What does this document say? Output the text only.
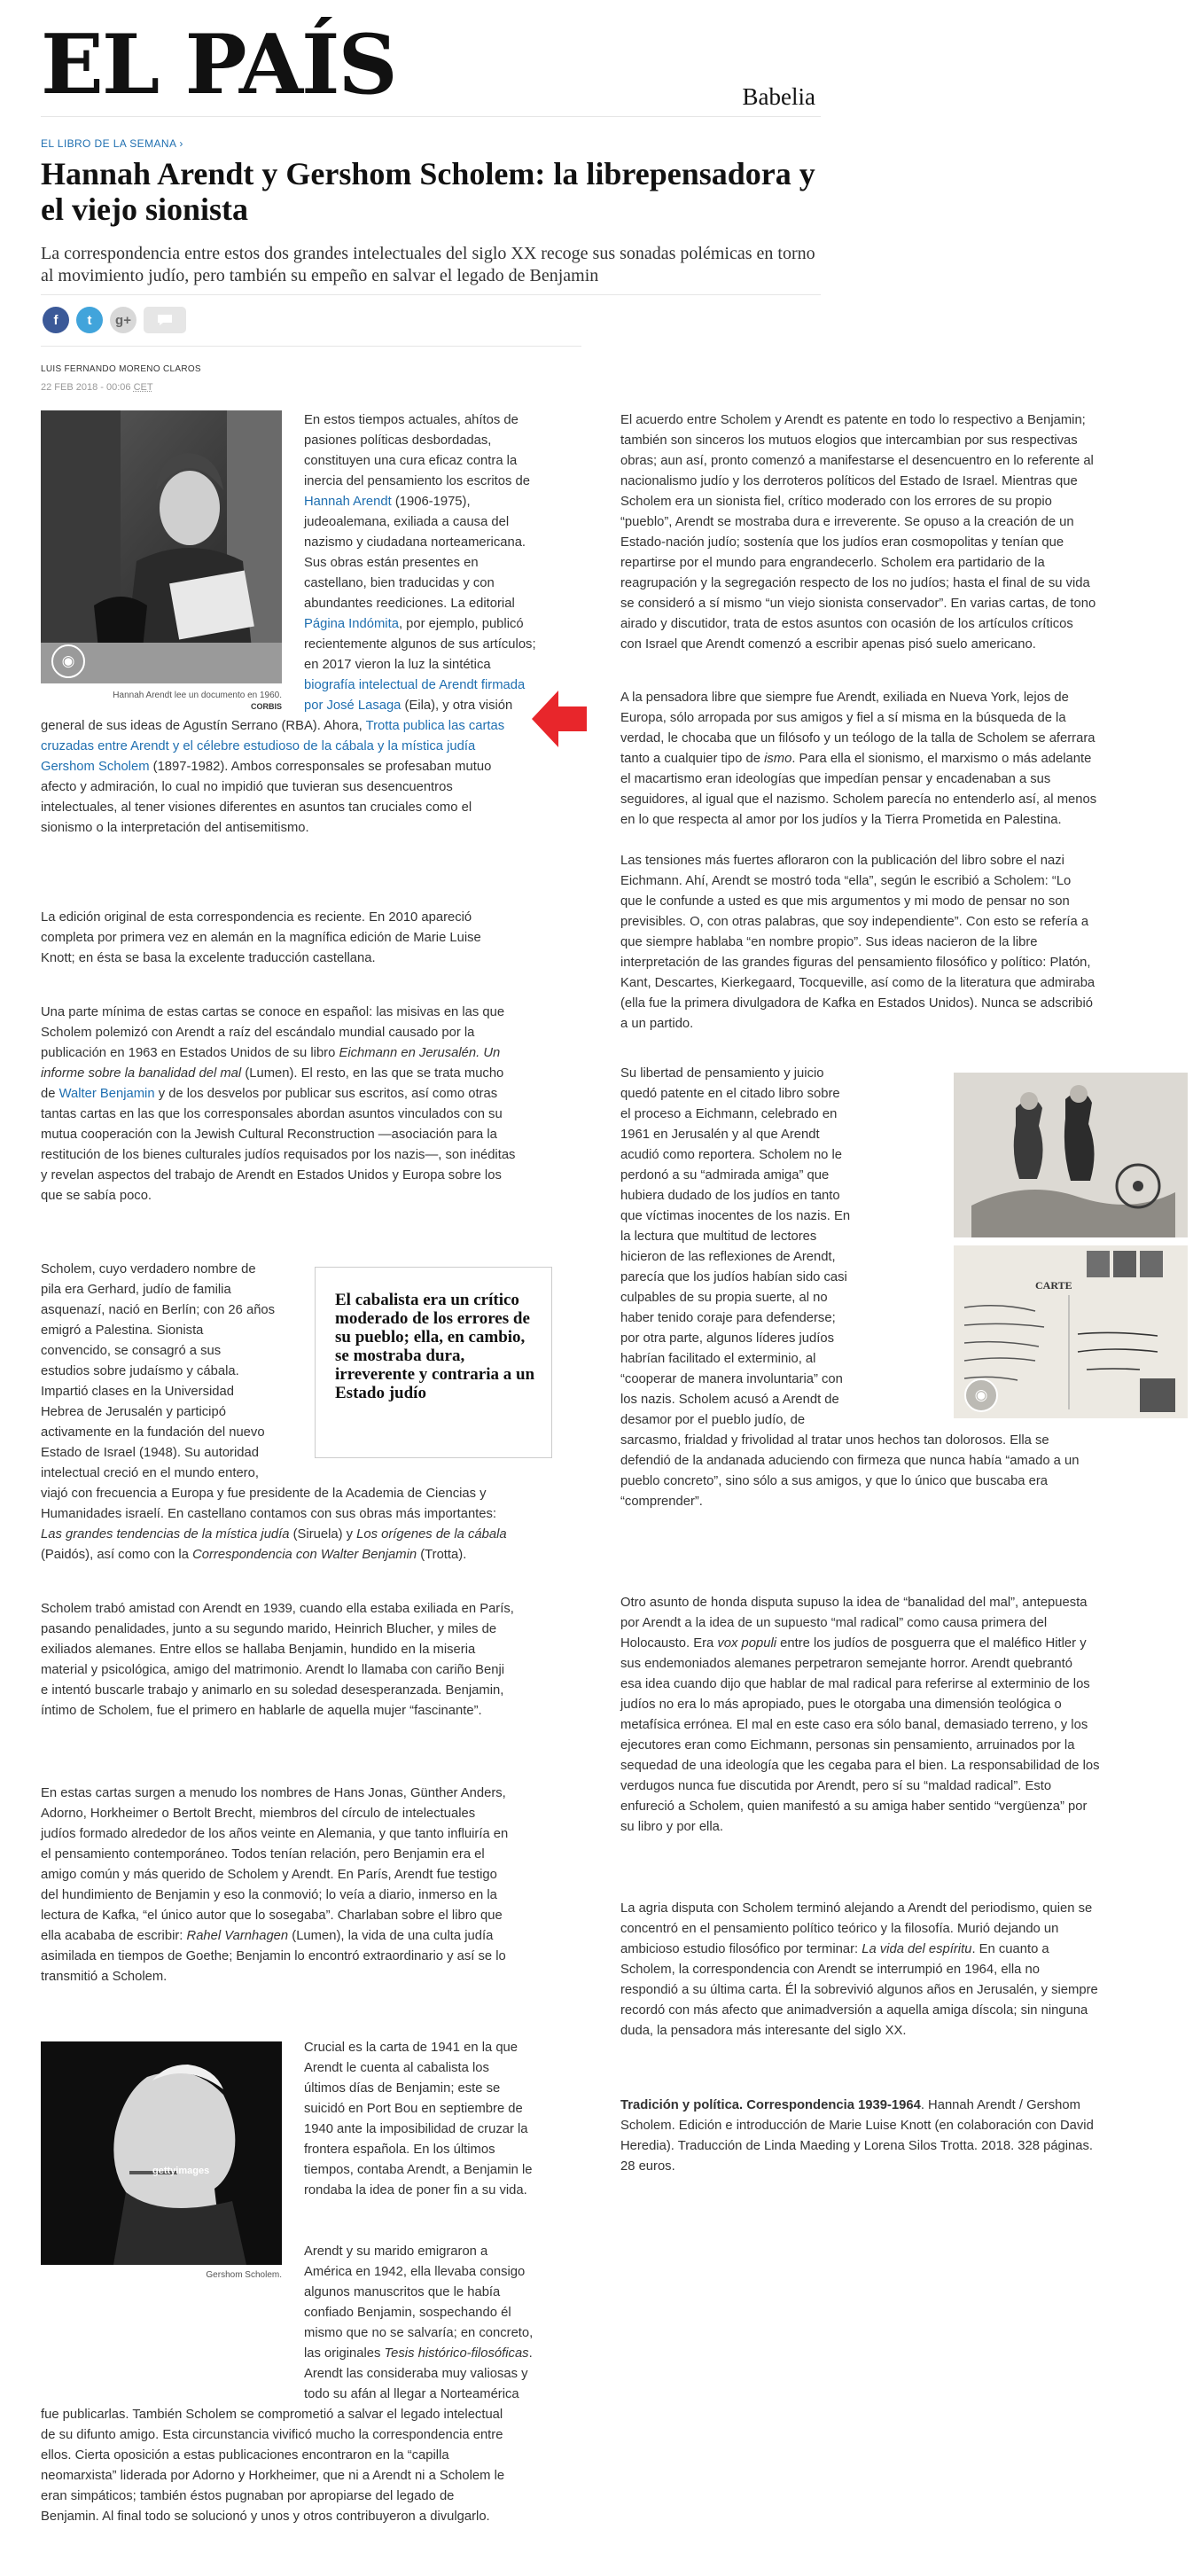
EL PAÍS	Babelia
EL LIBRO DE LA SEMANA ›
Hannah Arendt y Gershom Scholem: la librepensadora y el viejo sionista

La correspondencia entre estos dos grandes intelectuales del siglo XX recoge sus sonadas polémicas en torno al movimiento judío, pero también su empeño en salvar el legado de Benjamin

f	t	g+
LUIS FERNANDO MORENO CLAROS
22 FEB 2018 - 00:06 CET
◉
Hannah Arendt lee un documento en 1960.
CORBIS
En estos tiempos actuales, ahítos de
pasiones políticas desbordadas,
constituyen una cura eficaz contra la
inercia del pensamiento los escritos de
Hannah Arendt (1906-1975),
judeoalemana, exiliada a causa del
nazismo y ciudadana norteamericana.
Sus obras están presentes en
castellano, bien traducidas y con
abundantes reediciones. La editorial
Página Indómita, por ejemplo, publicó
recientemente algunos de sus artículos;
en 2017 vieron la luz la sintética
biografía intelectual de Arendt firmada
por José Lasaga (Eila), y otra visión
general de sus ideas de Agustín Serrano (RBA). Ahora, Trotta publica las cartas
cruzadas entre Arendt y el célebre estudioso de la cábala y la mística judía
Gershom Scholem (1897-1982). Ambos corresponsales se profesaban mutuo
afecto y admiración, lo cual no impidió que tuvieran sus desencuentros
intelectuales, al tener visiones diferentes en asuntos tan cruciales como el
sionismo o la interpretación del antisemitismo.
La edición original de esta correspondencia es reciente. En 2010 apareció
completa por primera vez en alemán en la magnífica edición de Marie Luise
Knott; en ésta se basa la excelente traducción castellana.
Una parte mínima de estas cartas se conoce en español: las misivas en las que
Scholem polemizó con Arendt a raíz del escándalo mundial causado por la
publicación en 1963 en Estados Unidos de su libro Eichmann en Jerusalén. Un
informe sobre la banalidad del mal (Lumen). El resto, en las que se trata mucho
de Walter Benjamin y de los desvelos por publicar sus escritos, así como otras
tantas cartas en las que los corresponsales abordan asuntos vinculados con su
mutua cooperación con la Jewish Cultural Reconstruction —asociación para la
restitución de los bienes culturales judíos requisados por los nazis—, son inéditas
y revelan aspectos del trabajo de Arendt en Estados Unidos y Europa sobre los
que se sabía poco.
Scholem, cuyo verdadero nombre de
pila era Gerhard, judío de familia
asquenazí, nació en Berlín; con 26 años
emigró a Palestina. Sionista
convencido, se consagró a sus
estudios sobre judaísmo y cábala.
Impartió clases en la Universidad
Hebrea de Jerusalén y participó
activamente en la fundación del nuevo
Estado de Israel (1948). Su autoridad
intelectual creció en el mundo entero,
El cabalista era un crítico moderado de los errores de su pueblo; ella, en cambio, se mostraba dura, irreverente y contraria a un Estado judío
viajó con frecuencia a Europa y fue presidente de la Academia de Ciencias y
Humanidades israelí. En castellano contamos con sus obras más importantes:
Las grandes tendencias de la mística judía (Siruela) y Los orígenes de la cábala
(Paidós), así como con la Correspondencia con Walter Benjamin (Trotta).
Scholem trabó amistad con Arendt en 1939, cuando ella estaba exiliada en París,
pasando penalidades, junto a su segundo marido, Heinrich Blucher, y miles de
exiliados alemanes. Entre ellos se hallaba Benjamin, hundido en la miseria
material y psicológica, amigo del matrimonio. Arendt lo llamaba con cariño Benji
e intentó buscarle trabajo y animarlo en su soledad desesperanzada. Benjamin,
íntimo de Scholem, fue el primero en hablarle de aquella mujer “fascinante”.
En estas cartas surgen a menudo los nombres de Hans Jonas, Günther Anders,
Adorno, Horkheimer o Bertolt Brecht, miembros del círculo de intelectuales
judíos formado alrededor de los años veinte en Alemania, y que tanto influiría en
el pensamiento contemporáneo. Todos tenían relación, pero Benjamin era el
amigo común y más querido de Scholem y Arendt. En París, Arendt fue testigo
del hundimiento de Benjamin y eso la conmovió; lo veía a diario, inmerso en la
lectura de Kafka, “el único autor que lo sosegaba”. Charlaban sobre el libro que
ella acababa de escribir: Rahel Varnhagen (Lumen), la vida de una culta judía
asimilada en tiempos de Goethe; Benjamin lo encontró extraordinario y así se lo
transmitió a Scholem.
gettyimages
Gershom Scholem.
Crucial es la carta de 1941 en la que
Arendt le cuenta al cabalista los
últimos días de Benjamin; este se
suicidó en Port Bou en septiembre de
1940 ante la imposibilidad de cruzar la
frontera española. En los últimos
tiempos, contaba Arendt, a Benjamin le
rondaba la idea de poner fin a su vida.
Arendt y su marido emigraron a
América en 1942, ella llevaba consigo
algunos manuscritos que le había
confiado Benjamin, sospechando él
mismo que no se salvaría; en concreto,
las originales Tesis histórico-filosóficas.
Arendt las consideraba muy valiosas y
todo su afán al llegar a Norteamérica
fue publicarlas. También Scholem se comprometió a salvar el legado intelectual
de su difunto amigo. Esta circunstancia vivificó mucho la correspondencia entre
ellos. Cierta oposición a estas publicaciones encontraron en la “capilla
neomarxista” liderada por Adorno y Horkheimer, que ni a Arendt ni a Scholem le
eran simpáticos; también éstos pugnaban por apropiarse del legado de
Benjamin. Al final todo se solucionó y unos y otros contribuyeron a divulgarlo.
El acuerdo entre Scholem y Arendt es patente en todo lo respectivo a Benjamin;
también son sinceros los mutuos elogios que intercambian por sus respectivas
obras; aun así, pronto comenzó a manifestarse el desencuentro en lo referente al
nacionalismo judío y los derroteros políticos del Estado de Israel. Mientras que
Scholem era un sionista fiel, crítico moderado con los errores de su propio
“pueblo”, Arendt se mostraba dura e irreverente. Se opuso a la creación de un
Estado-nación judío; sostenía que los judíos eran cosmopolitas y tenían que
repartirse por el mundo para engrandecerlo. Scholem era partidario de la
reagrupación y la segregación respecto de los no judíos; hasta el final de su vida
se consideró a sí mismo “un viejo sionista conservador”. En varias cartas, de tono
airado y discutidor, trata de estos asuntos con ocasión de los artículos críticos
con Israel que Arendt comenzó a escribir apenas pisó suelo americano.
A la pensadora libre que siempre fue Arendt, exiliada en Nueva York, lejos de
Europa, sólo arropada por sus amigos y fiel a sí misma en la búsqueda de la
verdad, le chocaba que un filósofo y un teólogo de la talla de Scholem se aferrara
tanto a cualquier tipo de ismo. Para ella el sionismo, el marxismo o más adelante
el macartismo eran ideologías que impedían pensar y encadenaban a sus
seguidores, al igual que el nazismo. Scholem parecía no entenderlo así, al menos
en lo que respecta al amor por los judíos y la Tierra Prometida en Palestina.
Las tensiones más fuertes afloraron con la publicación del libro sobre el nazi
Eichmann. Ahí, Arendt se mostró toda “ella”, según le escribió a Scholem: “Lo
que le confunde a usted es que mis argumentos y mi modo de pensar no son
previsibles. O, con otras palabras, que soy independiente”. Con esto se refería a
que siempre hablaba “en nombre propio”. Sus ideas nacieron de la libre
interpretación de las grandes figuras del pensamiento filosófico y político: Platón,
Kant, Descartes, Kierkegaard, Tocqueville, así como de la literatura que admiraba
(ella fue la primera divulgadora de Kafka en Estados Unidos). Nunca se adscribió
a un partido.
Su libertad de pensamiento y juicio
quedó patente en el citado libro sobre
el proceso a Eichmann, celebrado en
1961 en Jerusalén y al que Arendt
acudió como reportera. Scholem no le
perdonó a su “admirada amiga” que
hubiera dudado de los judíos en tanto
que víctimas inocentes de los nazis. En
la lectura que multitud de lectores
hicieron de las reflexiones de Arendt,
parecía que los judíos habían sido casi
culpables de su propia suerte, al no
haber tenido coraje para defenderse;
por otra parte, algunos líderes judíos
habrían facilitado el exterminio, al
“cooperar de manera involuntaria” con
los nazis. Scholem acusó a Arendt de
desamor por el pueblo judío, de
CARTE
◉
sarcasmo, frialdad y frivolidad al tratar unos hechos tan dolorosos. Ella se
defendió de la andanada aduciendo con firmeza que nunca había “amado a un
pueblo concreto”, sino sólo a sus amigos, y que lo único que buscaba era
“comprender”.
Otro asunto de honda disputa supuso la idea de “banalidad del mal”, antepuesta
por Arendt a la idea de un supuesto “mal radical” como causa primera del
Holocausto. Era vox populi entre los judíos de posguerra que el maléfico Hitler y
sus endemoniados alemanes perpetraron semejante horror. Arendt quebrantó
esa idea cuando dijo que hablar de mal radical para referirse al exterminio de los
judíos no era lo más apropiado, pues le otorgaba una dimensión teológica o
metafísica errónea. El mal en este caso era sólo banal, demasiado terreno, y los
ejecutores eran como Eichmann, personas sin pensamiento, arruinados por la
sequedad de una ideología que les cegaba para el bien. La responsabilidad de los
verdugos nunca fue discutida por Arendt, pero sí su “maldad radical”. Esto
enfureció a Scholem, quien manifestó a su amiga haber sentido “vergüenza” por
su libro y por ella.
La agria disputa con Scholem terminó alejando a Arendt del periodismo, quien se
concentró en el pensamiento político teórico y la filosofía. Murió dejando un
ambicioso estudio filosófico por terminar: La vida del espíritu. En cuanto a
Scholem, la correspondencia con Arendt se interrumpió en 1964, ella no
respondió a su última carta. Él la sobrevivió algunos años en Jerusalén, y siempre
recordó con más afecto que animadversión a aquella amiga díscola; sin ninguna
duda, la pensadora más interesante del siglo XX.
Tradición y política. Correspondencia 1939-1964. Hannah Arendt / Gershom
Scholem. Edición e introducción de Marie Luise Knott (en colaboración con David
Heredia). Traducción de Linda Maeding y Lorena Silos Trotta. 2018. 328 páginas.
28 euros.
